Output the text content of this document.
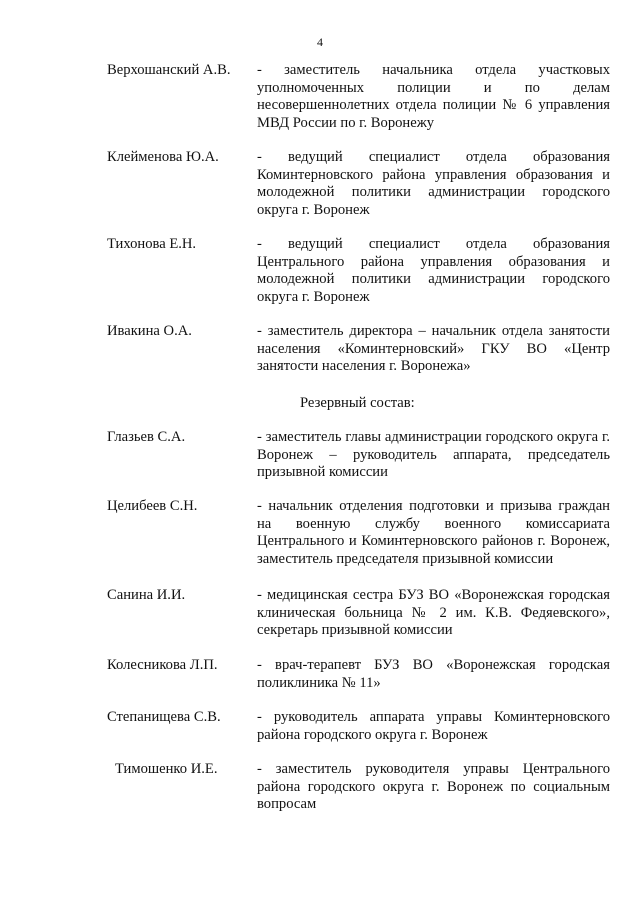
4
Верхошанский А.В. - заместитель начальника отдела участковых уполномоченных полиции и по делам несовершеннолетних отдела полиции № 6 управления МВД России по г. Воронежу
Клейменова Ю.А.	- ведущий специалист отдела образования Коминтерновского района управления образования и молодежной политики администрации городского округа г. Воронеж
Тихонова Е.Н.	- ведущий специалист отдела образования Центрального района управления образования и молодежной политики администрации городского округа г. Воронеж
Ивакина О.А.	- заместитель директора – начальник отдела занятости населения «Коминтерновский» ГКУ ВО «Центр занятости населения г. Воронежа»
Резервный состав:
Глазьев С.А.	- заместитель главы администрации городского округа г. Воронеж – руководитель аппарата, председатель призывной комиссии
Целибеев С.Н.	- начальник отделения подготовки и призыва граждан на военную службу военного комиссариата Центрального и Коминтерновского районов г. Воронеж, заместитель председателя призывной комиссии
Санина И.И.	- медицинская сестра БУЗ ВО «Воронежская городская клиническая больница № 2 им. К.В. Федяевского», секретарь призывной комиссии
Колесникова Л.П.	- врач-терапевт БУЗ ВО «Воронежская городская поликлиника № 11»
Степанищева С.В. - руководитель аппарата управы Коминтерновского района городского округа г. Воронеж
Тимошенко И.Е.	- заместитель руководителя управы Центрального района городского округа г. Воронеж по социальным вопросам
